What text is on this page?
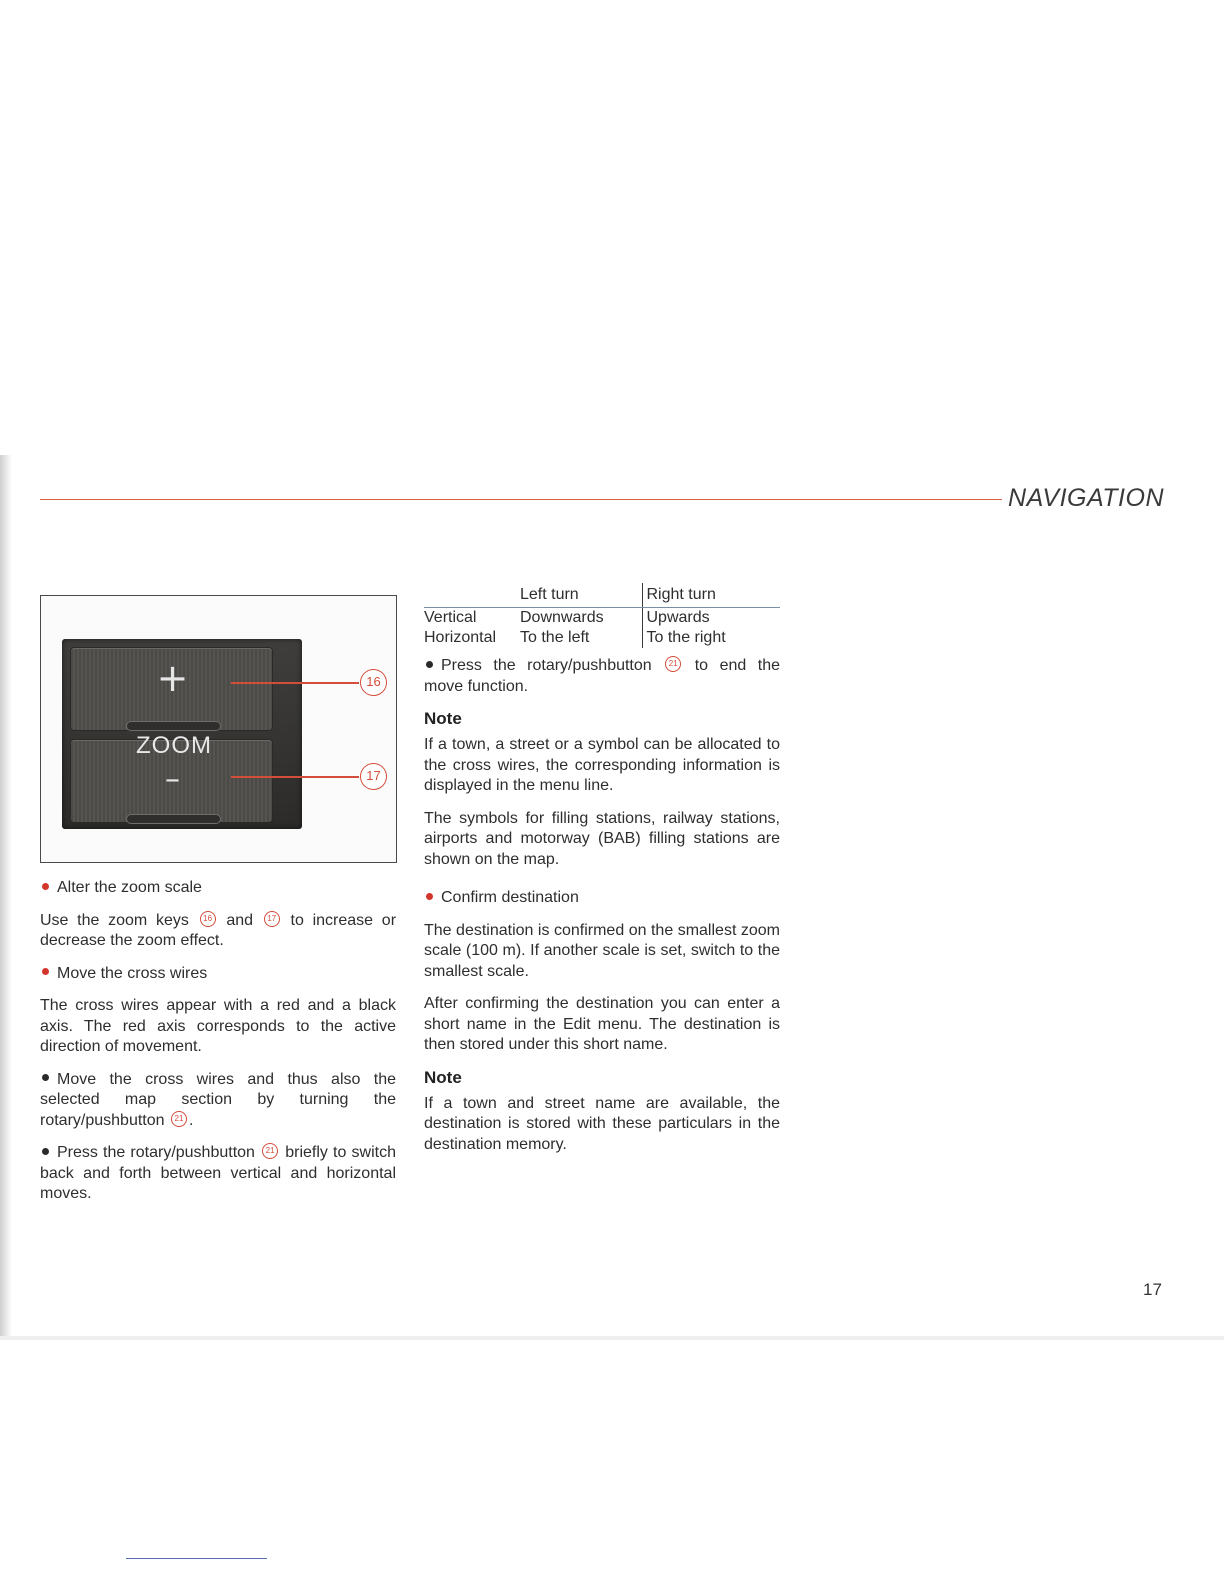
NAVIGATION
+
–
ZOOM
16
17

Alter the zoom scale

Use the zoom keys 16 and 17 to increase or decrease the zoom effect.

Move the cross wires

The cross wires appear with a red and a black axis. The red axis corresponds to the active direction of movement.

Move the cross wires and thus also the selected map section by turning the rotary/pushbutton 21 .

Press the rotary/pushbutton 21 briefly to switch back and forth between vertical and horizontal moves.

	Left turn	Right turn
Vertical	Downwards	Upwards
Horizontal	To the left	To the right

Press the rotary/pushbutton 21 to end the move function.

Note

If a town, a street or a symbol can be allocated to the cross wires, the corresponding information is displayed in the menu line.

The symbols for filling stations, railway stations, airports and motorway (BAB) filling stations are shown on the map.

Confirm destination

The destination is confirmed on the smallest zoom scale (100 m). If another scale is set, switch to the smallest scale.

After confirming the destination you can enter a short name in the Edit menu. The destination is then stored under this short name.

Note

If a town and street name are available, the destination is stored with these particulars in the destination memory.

17
